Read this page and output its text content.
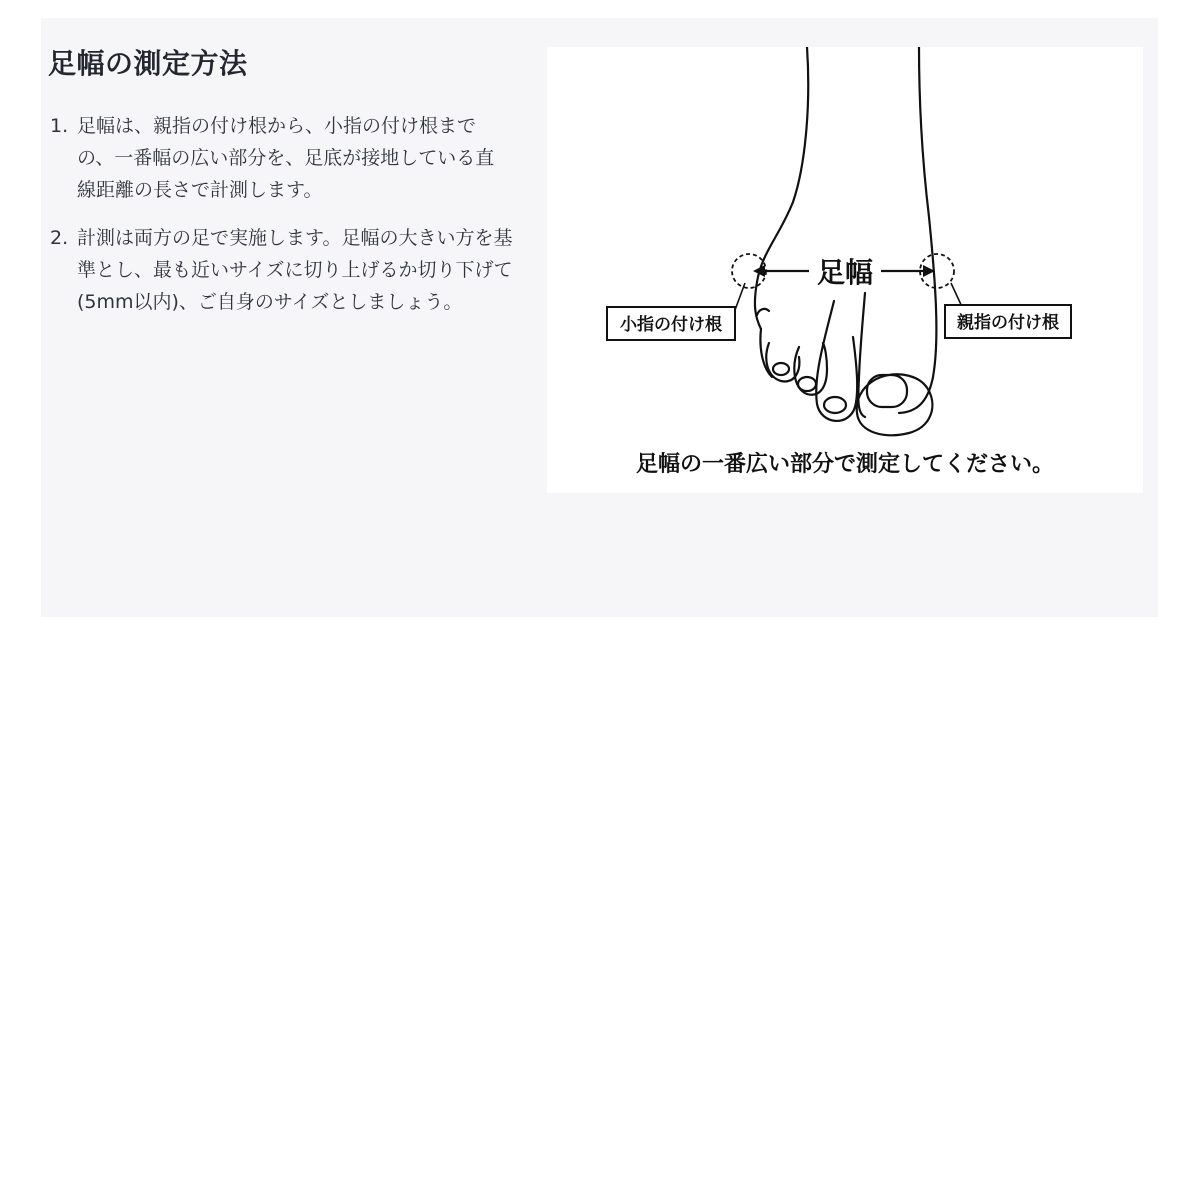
足幅の測定方法
1. 足幅は、親指の付け根から、小指の付け根までの、一番幅の広い部分を、足底が接地している直線距離の長さで計測します。
2. 計測は両方の足で実施します。足幅の大きい方を基準とし、最も近いサイズに切り上げるか切り下げて(5mm以内)、ご自身のサイズとしましょう。
足幅
小指の付け根	親指の付け根
足幅の一番広い部分で測定してください。
